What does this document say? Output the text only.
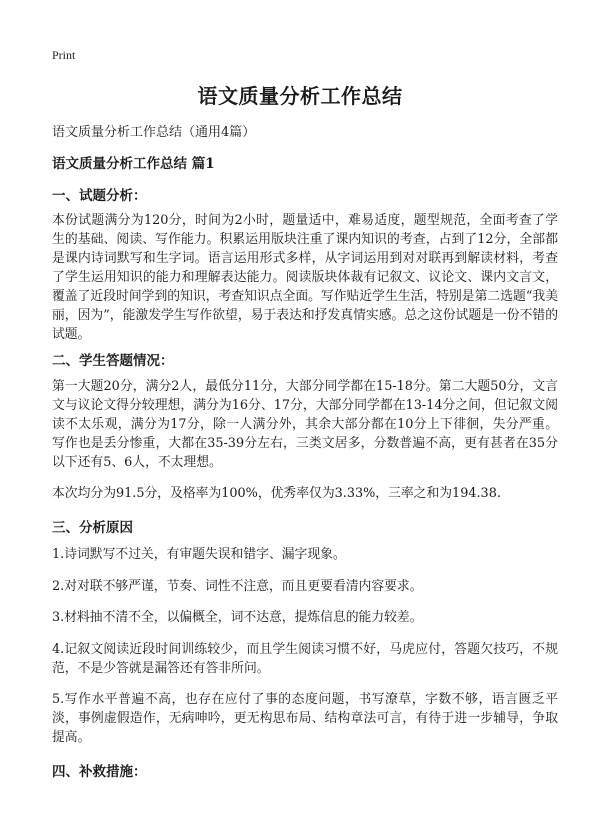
Print
语文质量分析工作总结
语文质量分析工作总结（通用4篇）
语文质量分析工作总结 篇1
一、试题分析：
本份试题满分为120分，时间为2小时，题量适中，难易适度，题型规范，全面考查了学生的基础、阅读、写作能力。积累运用版块注重了课内知识的考查，占到了12分，全部都是课内诗词默写和生字词。语言运用形式多样，从字词运用到对对联再到解读材料，考查了学生运用知识的能力和理解表达能力。阅读版块体裁有记叙文、议论文、课内文言文，覆盖了近段时间学到的知识，考查知识点全面。写作贴近学生生活，特别是第二选题“我美丽，因为”，能激发学生写作欲望，易于表达和抒发真情实感。总之这份试题是一份不错的试题。
二、学生答题情况：
第一大题20分，满分2人，最低分11分，大部分同学都在15-18分。第二大题50分，文言文与议论文得分较理想，满分为16分、17分，大部分同学都在13-14分之间，但记叙文阅读不太乐观，满分为17分，除一人满分外，其余大部分都在10分上下徘徊，失分严重。写作也是丢分惨重，大都在35-39分左右，三类文居多，分数普遍不高，更有甚者在35分以下还有5、6人，不太理想。
本次均分为91.5分，及格率为100%，优秀率仅为3.33%，三率之和为194.38.
三、分析原因
1.诗词默写不过关，有审题失误和错字、漏字现象。
2.对对联不够严谨，节奏、词性不注意，而且更要看清内容要求。
3.材料抽不清不全，以偏概全，词不达意，提炼信息的能力较差。
4.记叙文阅读近段时间训练较少，而且学生阅读习惯不好，马虎应付，答题欠技巧，不规范，不是少答就是漏答还有答非所问。
5.写作水平普遍不高，也存在应付了事的态度问题，书写潦草，字数不够，语言匮乏平淡，事例虚假造作，无病呻吟，更无构思布局、结构章法可言，有待于进一步辅导，争取提高。
四、补救措施：
